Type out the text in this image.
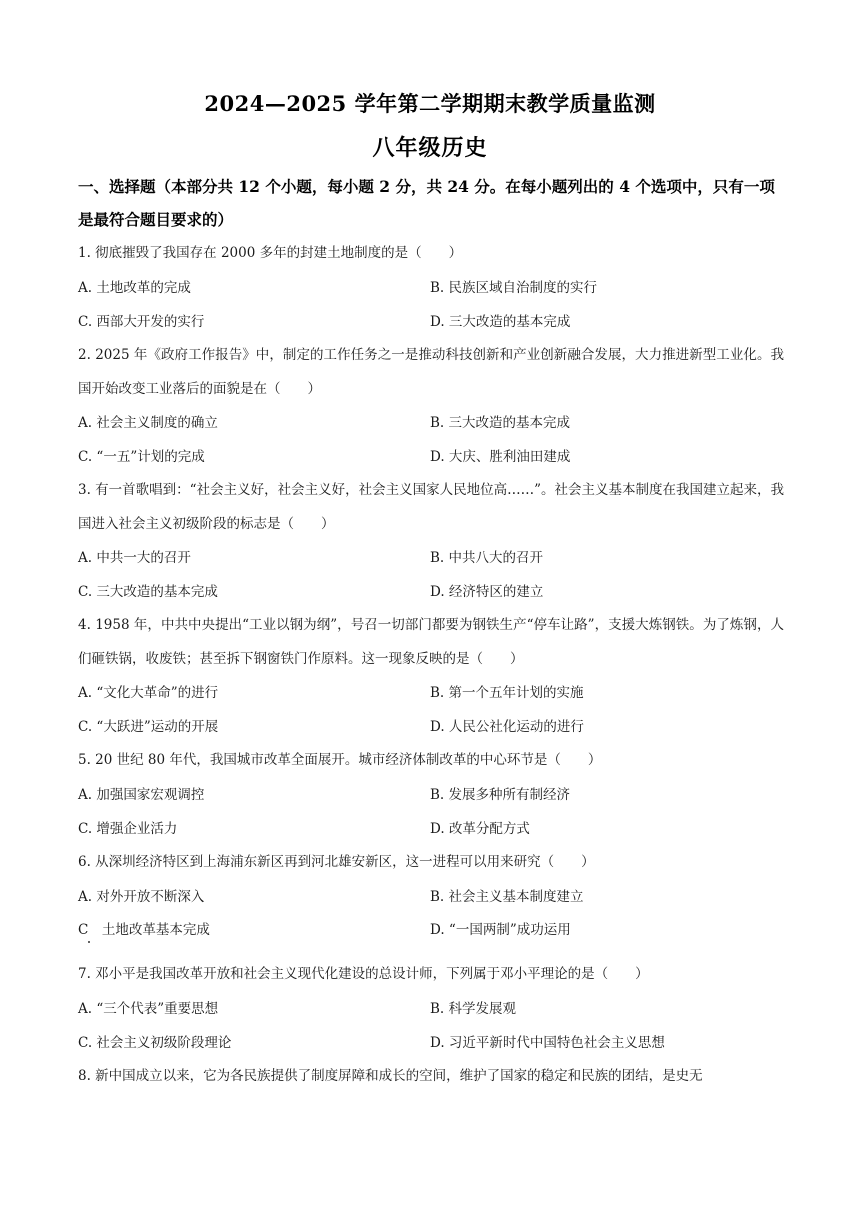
2024—2025 学年第二学期期末教学质量监测
八年级历史
一、选择题（本部分共 12 个小题，每小题 2 分，共 24 分。在每小题列出的 4 个选项中，只有一项是最符合题目要求的）
1. 彻底摧毁了我国存在 2000 多年的封建土地制度的是（　　）
A. 土地改革的完成	B. 民族区域自治制度的实行
C. 西部大开发的实行	D. 三大改造的基本完成
2. 2025 年《政府工作报告》中，制定的工作任务之一是推动科技创新和产业创新融合发展，大力推进新型工业化。我国开始改变工业落后的面貌是在（　　）
A. 社会主义制度的确立	B. 三大改造的基本完成
C. “一五”计划的完成	D. 大庆、胜利油田建成
3. 有一首歌唱到：“社会主义好，社会主义好，社会主义国家人民地位高……”。社会主义基本制度在我国建立起来，我国进入社会主义初级阶段的标志是（　　）
A. 中共一大的召开	B. 中共八大的召开
C. 三大改造的基本完成	D. 经济特区的建立
4. 1958 年，中共中央提出“工业以钢为纲”，号召一切部门都要为钢铁生产“停车让路”，支援大炼钢铁。为了炼钢，人们砸铁锅，收废铁；甚至拆下钢窗铁门作原料。这一现象反映的是（　　）
A. “文化大革命”的进行	B. 第一个五年计划的实施
C. “大跃进”运动的开展	D. 人民公社化运动的进行
5. 20 世纪 80 年代，我国城市改革全面展开。城市经济体制改革的中心环节是（　　）
A. 加强国家宏观调控	B. 发展多种所有制经济
C. 增强企业活力	D. 改革分配方式
6. 从深圳经济特区到上海浦东新区再到河北雄安新区，这一进程可以用来研究（　　）
A. 对外开放不断深入	B. 社会主义基本制度建立
C　土地改革基本完成	D. “一国两制”成功运用
7. 邓小平是我国改革开放和社会主义现代化建设的总设计师，下列属于邓小平理论的是（　　）
A. “三个代表”重要思想	B. 科学发展观
C. 社会主义初级阶段理论	D. 习近平新时代中国特色社会主义思想
8. 新中国成立以来，它为各民族提供了制度屏障和成长的空间，维护了国家的稳定和民族的团结，是史无
